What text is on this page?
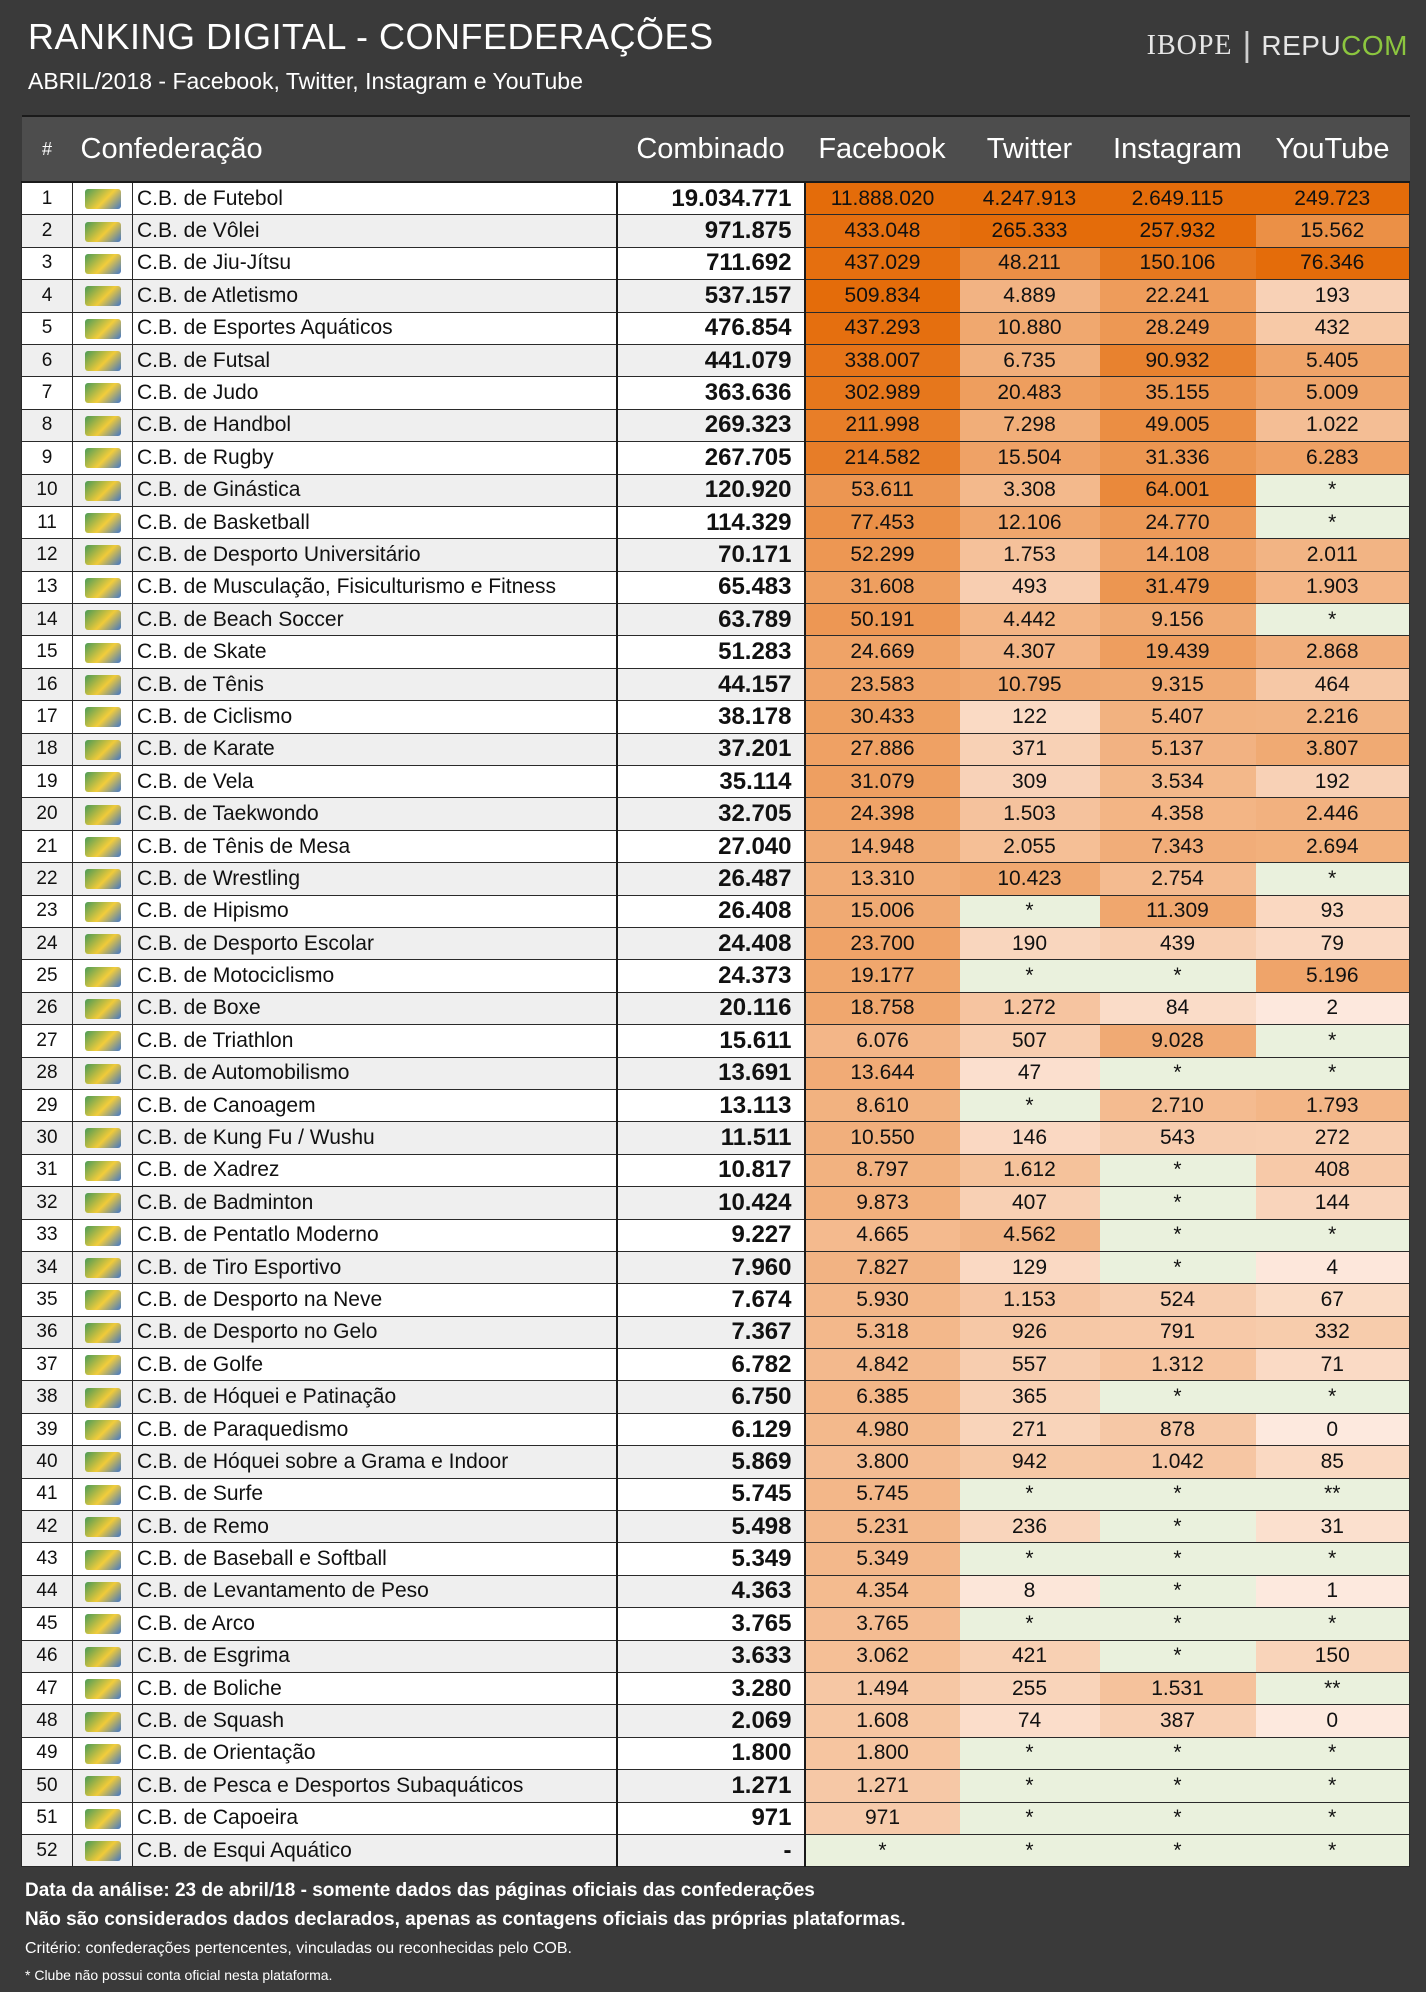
RANKING DIGITAL - CONFEDERAÇÕES
ABRIL/2018 - Facebook, Twitter, Instagram e YouTube
IBOPE | REPUCOM
#	Confederação		Combinado	Facebook	Twitter	Instagram	YouTube
1		C.B. de Futebol	19.034.771	11.888.020	4.247.913	2.649.115	249.723
2		C.B. de Vôlei	971.875	433.048	265.333	257.932	15.562
3		C.B. de Jiu-Jítsu	711.692	437.029	48.211	150.106	76.346
4		C.B. de Atletismo	537.157	509.834	4.889	22.241	193
5		C.B. de Esportes Aquáticos	476.854	437.293	10.880	28.249	432
6		C.B. de Futsal	441.079	338.007	6.735	90.932	5.405
7		C.B. de Judo	363.636	302.989	20.483	35.155	5.009
8		C.B. de Handbol	269.323	211.998	7.298	49.005	1.022
9		C.B. de Rugby	267.705	214.582	15.504	31.336	6.283
10		C.B. de Ginástica	120.920	53.611	3.308	64.001	*
11		C.B. de Basketball	114.329	77.453	12.106	24.770	*
12		C.B. de Desporto Universitário	70.171	52.299	1.753	14.108	2.011
13		C.B. de Musculação, Fisiculturismo e Fitness	65.483	31.608	493	31.479	1.903
14		C.B. de Beach Soccer	63.789	50.191	4.442	9.156	*
15		C.B. de Skate	51.283	24.669	4.307	19.439	2.868
16		C.B. de Tênis	44.157	23.583	10.795	9.315	464
17		C.B. de Ciclismo	38.178	30.433	122	5.407	2.216
18		C.B. de Karate	37.201	27.886	371	5.137	3.807
19		C.B. de Vela	35.114	31.079	309	3.534	192
20		C.B. de Taekwondo	32.705	24.398	1.503	4.358	2.446
21		C.B. de Tênis de Mesa	27.040	14.948	2.055	7.343	2.694
22		C.B. de Wrestling	26.487	13.310	10.423	2.754	*
23		C.B. de Hipismo	26.408	15.006	*	11.309	93
24		C.B. de Desporto Escolar	24.408	23.700	190	439	79
25		C.B. de Motociclismo	24.373	19.177	*	*	5.196
26		C.B. de Boxe	20.116	18.758	1.272	84	2
27		C.B. de Triathlon	15.611	6.076	507	9.028	*
28		C.B. de Automobilismo	13.691	13.644	47	*	*
29		C.B. de Canoagem	13.113	8.610	*	2.710	1.793
30		C.B. de Kung Fu / Wushu	11.511	10.550	146	543	272
31		C.B. de Xadrez	10.817	8.797	1.612	*	408
32		C.B. de Badminton	10.424	9.873	407	*	144
33		C.B. de Pentatlo Moderno	9.227	4.665	4.562	*	*
34		C.B. de Tiro Esportivo	7.960	7.827	129	*	4
35		C.B. de Desporto na Neve	7.674	5.930	1.153	524	67
36		C.B. de Desporto no Gelo	7.367	5.318	926	791	332
37		C.B. de Golfe	6.782	4.842	557	1.312	71
38		C.B. de Hóquei e Patinação	6.750	6.385	365	*	*
39		C.B. de Paraquedismo	6.129	4.980	271	878	0
40		C.B. de Hóquei sobre a Grama e Indoor	5.869	3.800	942	1.042	85
41		C.B. de Surfe	5.745	5.745	*	*	**
42		C.B. de Remo	5.498	5.231	236	*	31
43		C.B. de Baseball e Softball	5.349	5.349	*	*	*
44		C.B. de Levantamento de Peso	4.363	4.354	8	*	1
45		C.B. de Arco	3.765	3.765	*	*	*
46		C.B. de Esgrima	3.633	3.062	421	*	150
47		C.B. de Boliche	3.280	1.494	255	1.531	**
48		C.B. de Squash	2.069	1.608	74	387	0
49		C.B. de Orientação	1.800	1.800	*	*	*
50		C.B. de Pesca e Desportos Subaquáticos	1.271	1.271	*	*	*
51		C.B. de Capoeira	971	971	*	*	*
52		C.B. de Esqui Aquático	-	*	*	*	*
Data da análise: 23 de abril/18 - somente dados das páginas oficiais das confederações
Não são considerados dados declarados, apenas as contagens oficiais das próprias plataformas.
Critério: confederações pertencentes, vinculadas ou reconhecidas pelo COB.
* Clube não possui conta oficial nesta plataforma.
